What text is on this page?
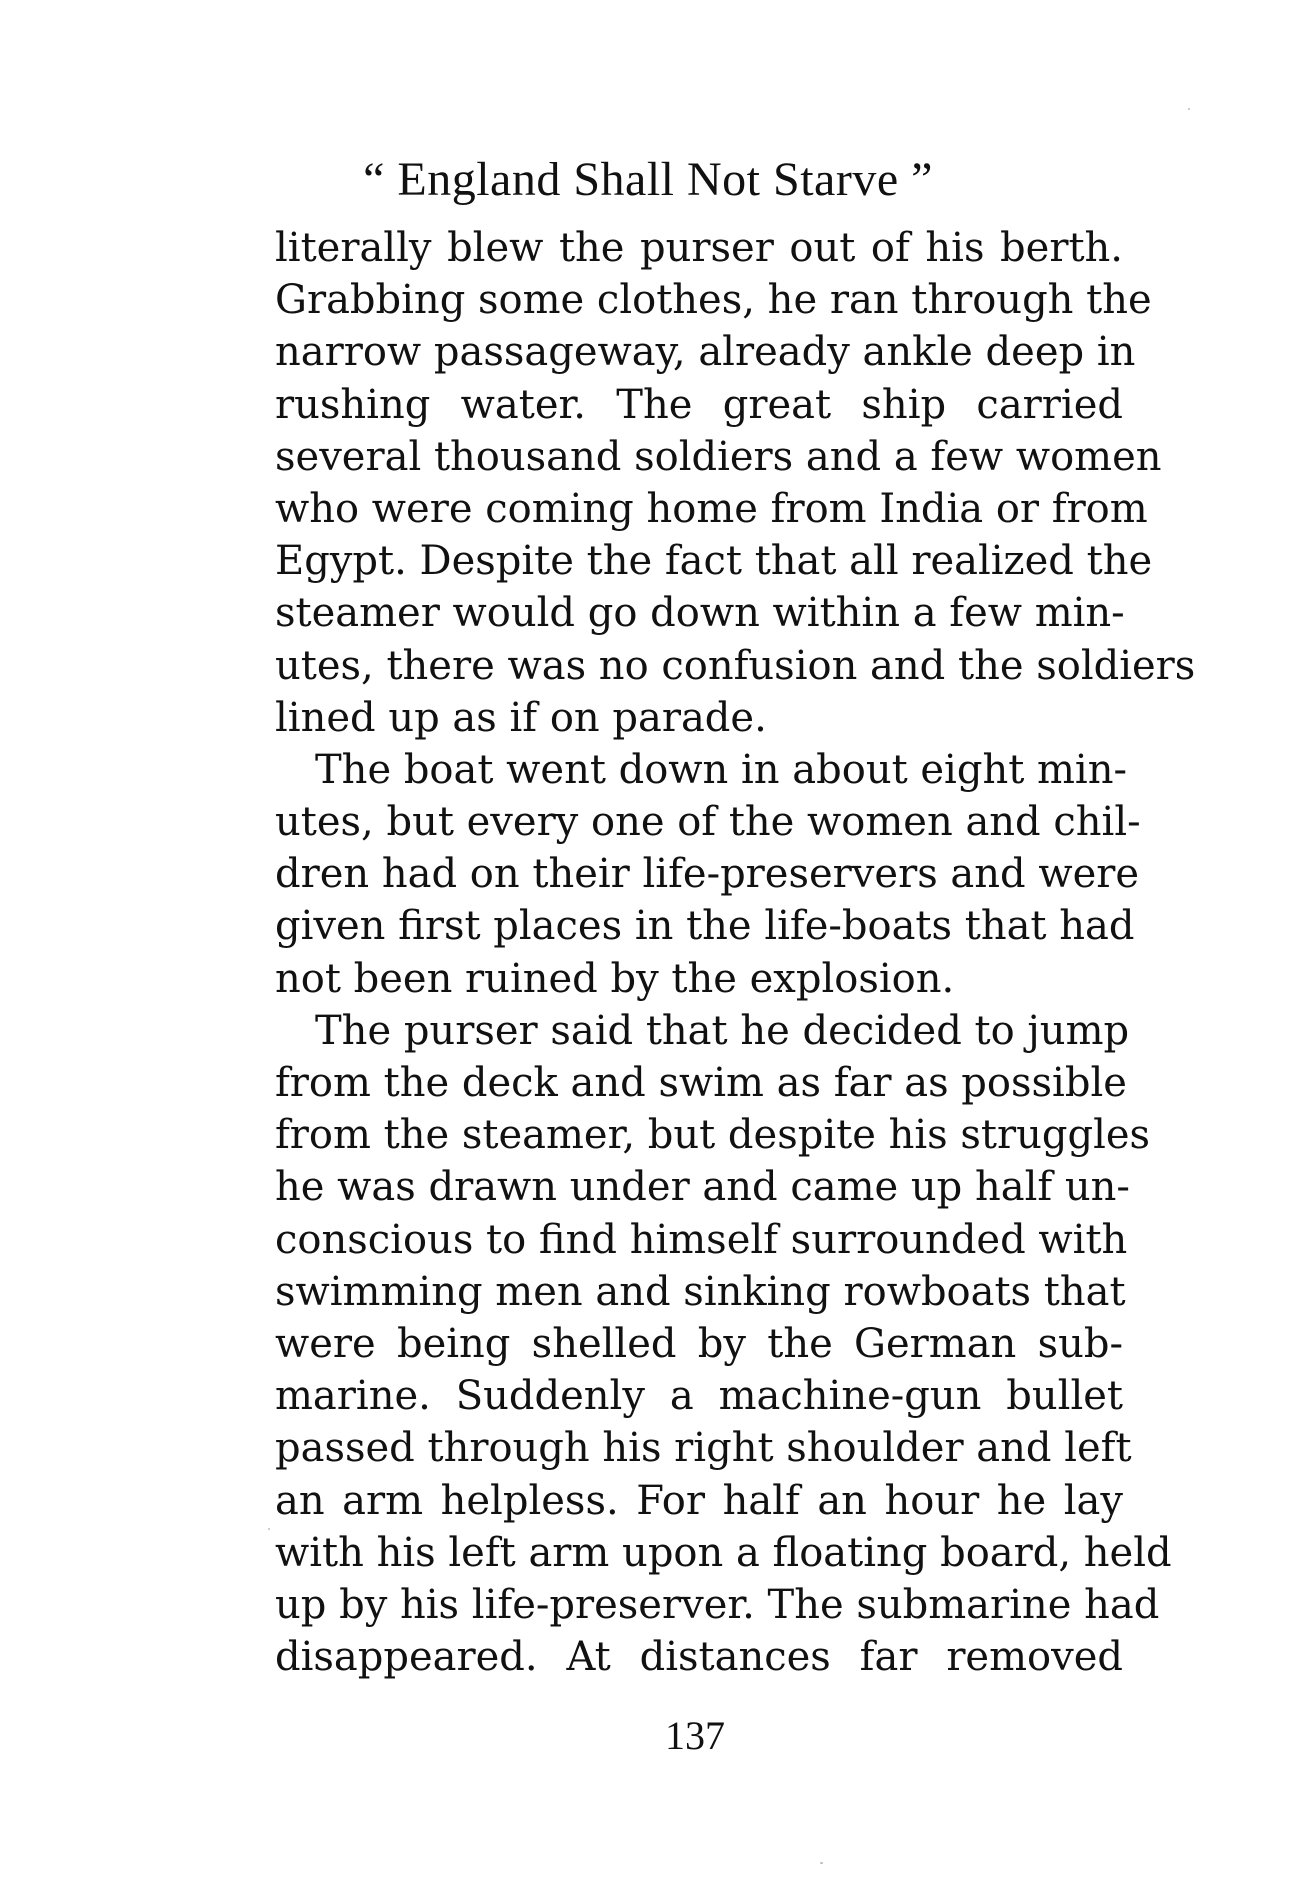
“ England Shall Not Starve ”
literally blew the purser out of his berth.
Grabbing some clothes, he ran through the
narrow passageway, already ankle deep in
rushing water. The great ship carried
several thousand soldiers and a few women
who were coming home from India or from
Egypt. Despite the fact that all realized the
steamer would go down within a few min-
utes, there was no confusion and the soldiers
lined up as if on parade.
The boat went down in about eight min-
utes, but every one of the women and chil-
dren had on their life-preservers and were
given first places in the life-boats that had
not been ruined by the explosion.
The purser said that he decided to jump
from the deck and swim as far as possible
from the steamer, but despite his struggles
he was drawn under and came up half un-
conscious to find himself surrounded with
swimming men and sinking rowboats that
were being shelled by the German sub-
marine. Suddenly a machine-gun bullet
passed through his right shoulder and left
an arm helpless. For half an hour he lay
with his left arm upon a floating board, held
up by his life-preserver. The submarine had
disappeared. At distances far removed
137
